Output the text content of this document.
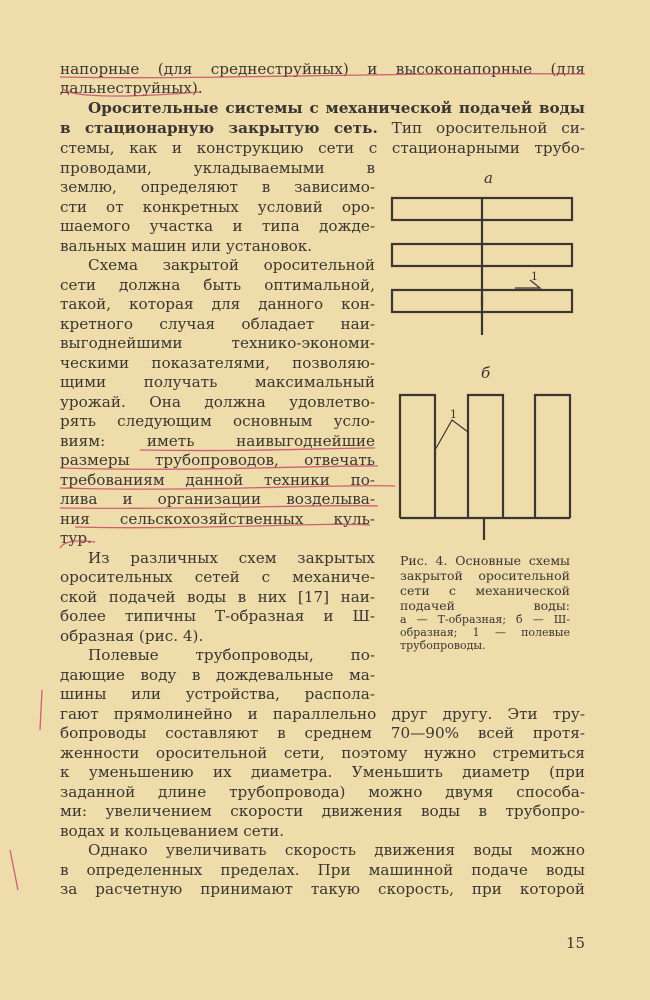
напорные (для среднеструйных) и высоконапорные (для
дальнеструйных).
Оросительные системы с механической подачей воды
в стационарную закрытую сеть. Тип оросительной си-
стемы, как и конструкцию сети с стационарными трубо-
проводами, укладываемыми в
землю, определяют в зависимо-
сти от конкретных условий оро-
шаемого участка и типа дожде-
вальных машин или установок.
Схема закрытой оросительной
сети должна быть оптимальной,
такой, которая для данного кон-
кретного случая обладает наи-
выгоднейшими технико-экономи-
ческими показателями, позволяю-
щими получать максимальный
урожай. Она должна удовлетво-
рять следующим основным усло-
виям: иметь наивыгоднейшие
размеры трубопроводов, отвечать
требованиям данной техники по-
лива и организации возделыва-
ния сельскохозяйственных куль-
тур.
Из различных схем закрытых
оросительных сетей с механиче-
ской подачей воды в них [17] наи-
более типичны Т-образная и Ш-
образная (рис. 4).
Полевые трубопроводы, по-
дающие воду в дождевальные ма-
шины или устройства, распола-
гают прямолинейно и параллельно друг другу. Эти тру-
бопроводы составляют в среднем 70—90% всей протя-
женности оросительной сети, поэтому нужно стремиться
к уменьшению их диаметра. Уменьшить диаметр (при
заданной длине трубопровода) можно двумя способа-
ми: увеличением скорости движения воды в трубопро-
водах и кольцеванием сети.
Однако увеличивать скорость движения воды можно
в определенных пределах. При машинной подаче воды
за расчетную принимают такую скорость, при которой
а
1
б
1
Рис. 4. Основные схемы закрытой оросительной сети с механической подачей воды:
а — Т-образная; б — Ш-образная; 1 — полевые трубопроводы.
15
